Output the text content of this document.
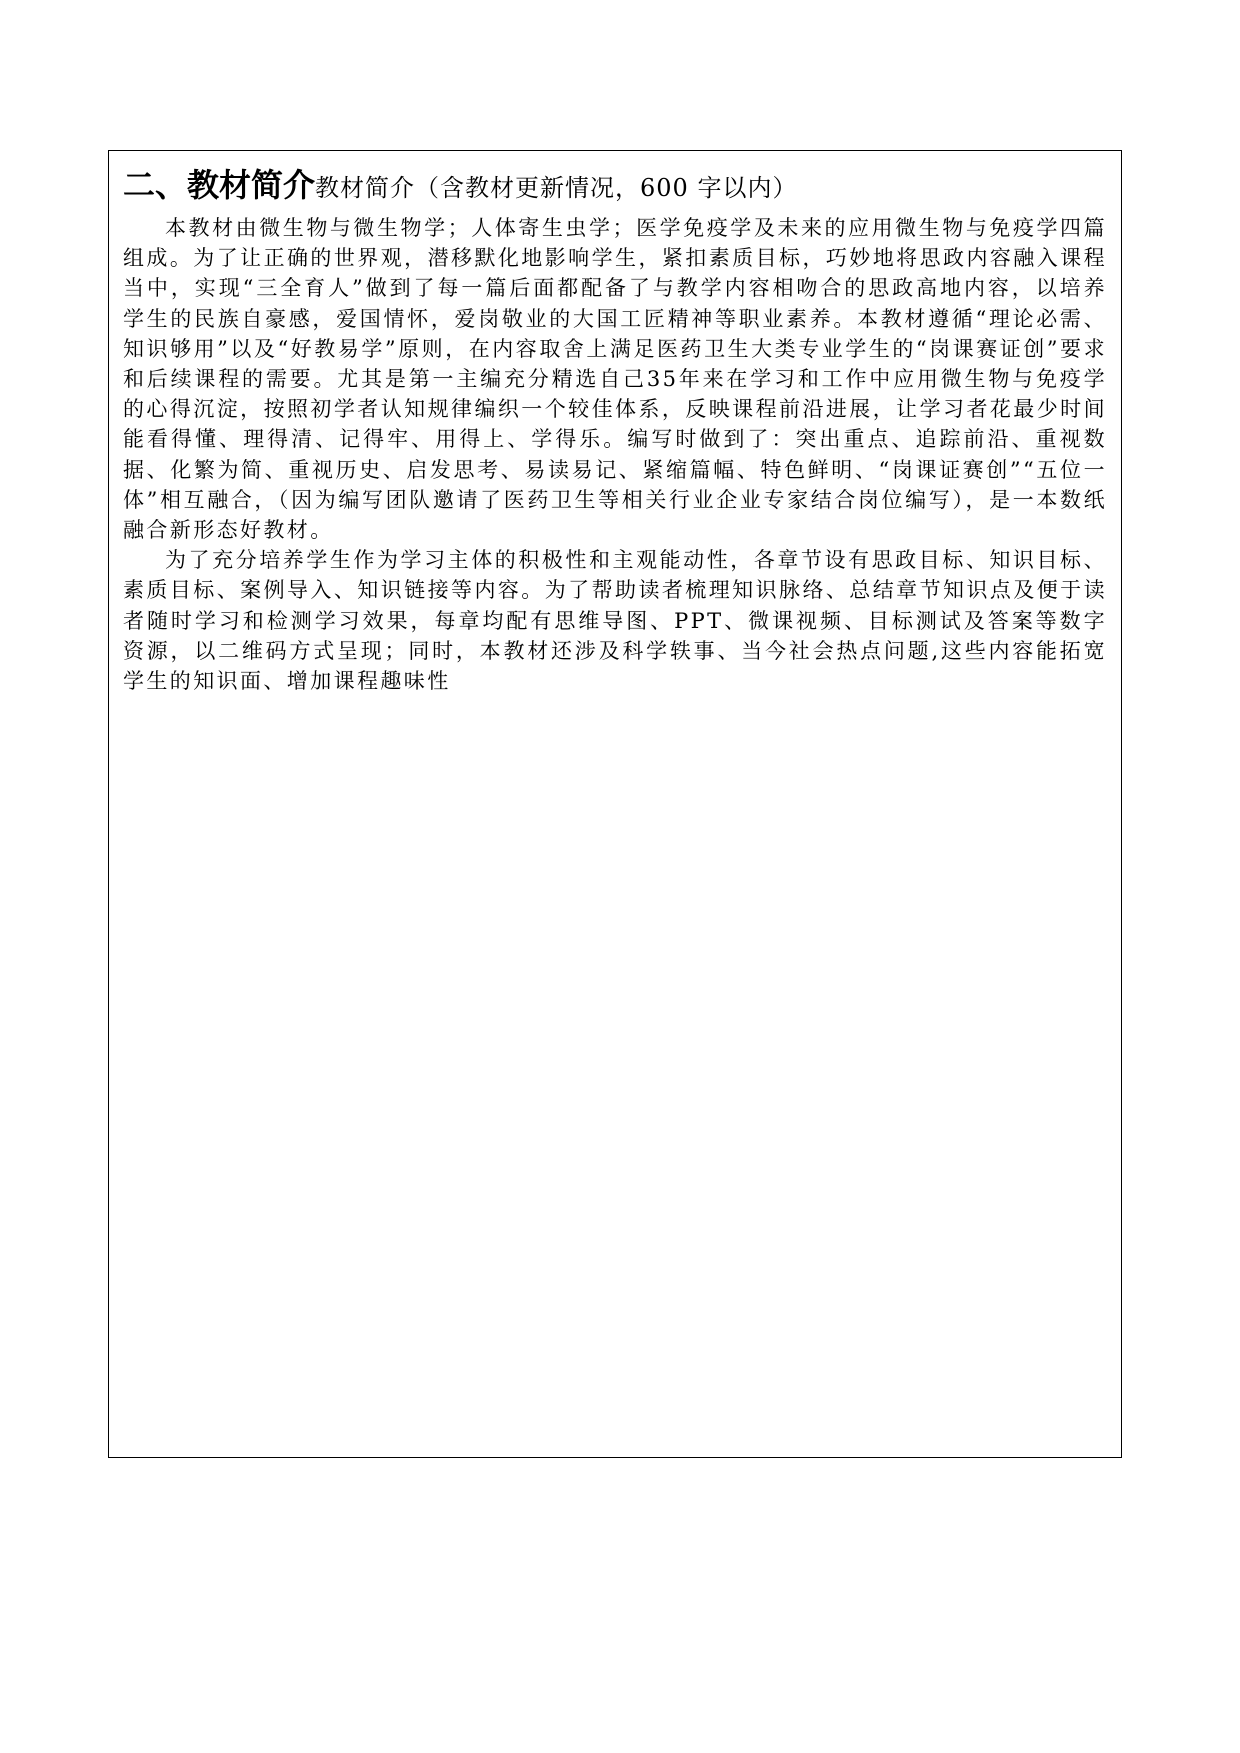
二、教材简介教材简介（含教材更新情况，600 字以内）

本教材由微生物与微生物学；人体寄生虫学；医学免疫学及未来的应用微生物与免疫学四篇组成。为了让正确的世界观，潜移默化地影响学生，紧扣素质目标，巧妙地将思政内容融入课程当中，实现“三全育人”做到了每一篇后面都配备了与教学内容相吻合的思政高地内容，以培养学生的民族自豪感，爱国情怀，爱岗敬业的大国工匠精神等职业素养。本教材遵循“理论必需、知识够用”以及“好教易学”原则，在内容取舍上满足医药卫生大类专业学生的“岗课赛证创”要求和后续课程的需要。尤其是第一主编充分精选自己35年来在学习和工作中应用微生物与免疫学的心得沉淀，按照初学者认知规律编织一个较佳体系，反映课程前沿进展，让学习者花最少时间能看得懂、理得清、记得牢、用得上、学得乐。编写时做到了：突出重点、追踪前沿、重视数据、化繁为简、重视历史、启发思考、易读易记、紧缩篇幅、特色鲜明、“岗课证赛创”“五位一体”相互融合，（因为编写团队邀请了医药卫生等相关行业企业专家结合岗位编写），是一本数纸融合新形态好教材。

为了充分培养学生作为学习主体的积极性和主观能动性，各章节设有思政目标、知识目标、素质目标、案例导入、知识链接等内容。为了帮助读者梳理知识脉络、总结章节知识点及便于读者随时学习和检测学习效果，每章均配有思维导图、PPT、微课视频、目标测试及答案等数字资源，以二维码方式呈现；同时，本教材还涉及科学轶事、当今社会热点问题,这些内容能拓宽学生的知识面、增加课程趣味性
